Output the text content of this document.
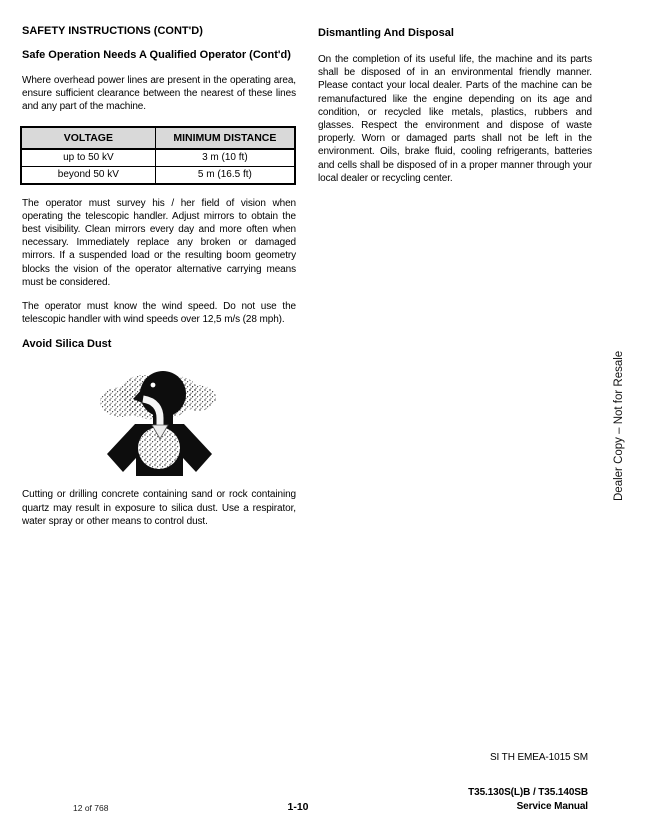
SAFETY INSTRUCTIONS (CONT'D)
Safe Operation Needs A Qualified Operator (Cont'd)

Where overhead power lines are present in the operating area, ensure sufficient clearance between the nearest of these lines and any part of the machine.

VOLTAGE	MINIMUM DISTANCE
up to 50 kV	3 m (10 ft)
beyond 50 kV	5 m (16.5 ft)

The operator must survey his / her field of vision when operating the telescopic handler. Adjust mirrors to obtain the best visibility. Clean mirrors every day and more often when necessary. Immediately replace any broken or damaged mirrors. If a suspended load or the resulting boom geometry blocks the vision of the operator alternative carrying means must be considered.

The operator must know the wind speed. Do not use the telescopic handler with wind speeds over 12,5 m/s (28 mph).

Avoid Silica Dust

Cutting or drilling concrete containing sand or rock containing quartz may result in exposure to silica dust. Use a respirator, water spray or other means to control dust.

Dismantling And Disposal

On the completion of its useful life, the machine and its parts shall be disposed of in an environmental friendly manner. Please contact your local dealer. Parts of the machine can be remanufactured like the engine depending on its age and condition, or recycled like metals, plastics, rubbers and glasses. Respect the environment and dispose of waste properly. Worn or damaged parts shall not be left in the environment. Oils, brake fluid, cooling refrigerants, batteries and cells shall be disposed of in a proper manner through your local dealer or recycling center.

Dealer Copy – Not for Resale
SI TH EMEA-1015 SM
T35.130S(L)B / T35.140SB
Service Manual
1-10
12 of 768
